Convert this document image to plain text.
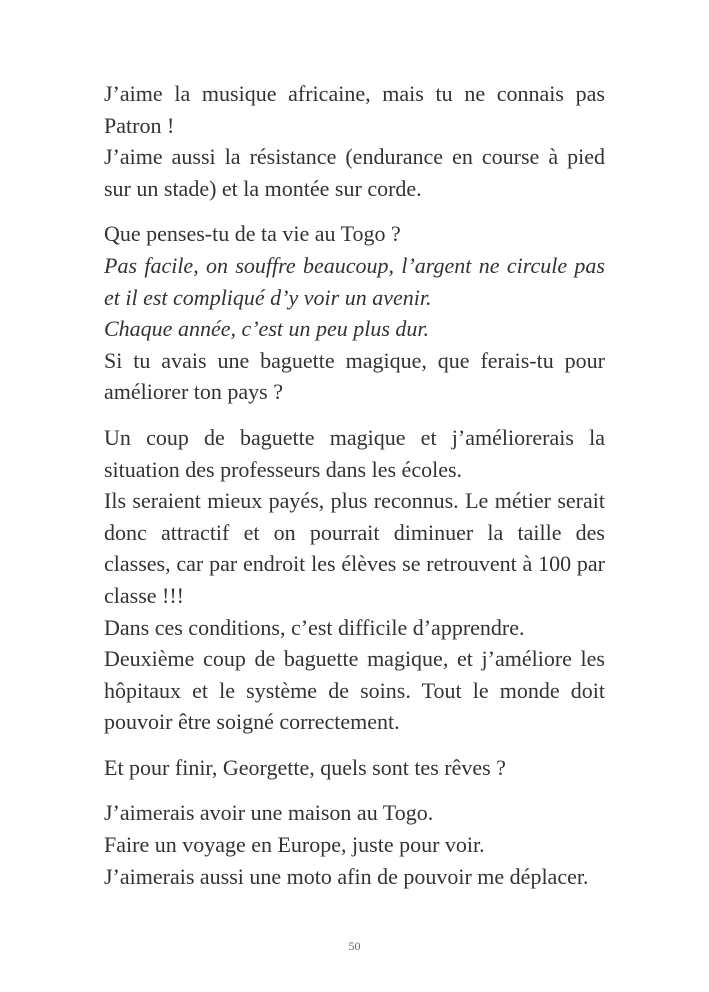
J’aime la musique africaine, mais tu ne connais pas Patron !
J’aime aussi la résistance (endurance en course à pied sur un stade) et la montée sur corde.
Que penses-tu de ta vie au Togo ?
Pas facile, on souffre beaucoup, l’argent ne circule pas et il est compliqué d’y voir un avenir.
Chaque année, c’est un peu plus dur.
Si tu avais une baguette magique, que ferais-tu pour améliorer ton pays ?
Un coup de baguette magique et j’améliorerais la situation des professeurs dans les écoles.
Ils seraient mieux payés, plus reconnus. Le métier serait donc attractif et on pourrait diminuer la taille des classes, car par endroit les élèves se retrouvent à 100 par classe !!!
Dans ces conditions, c’est difficile d’apprendre.
Deuxième coup de baguette magique, et j’améliore les hôpitaux et le système de soins. Tout le monde doit pouvoir être soigné correctement.
Et pour finir, Georgette, quels sont tes rêves ?
J’aimerais avoir une maison au Togo.
Faire un voyage en Europe, juste pour voir.
J’aimerais aussi une moto afin de pouvoir me déplacer.
50
